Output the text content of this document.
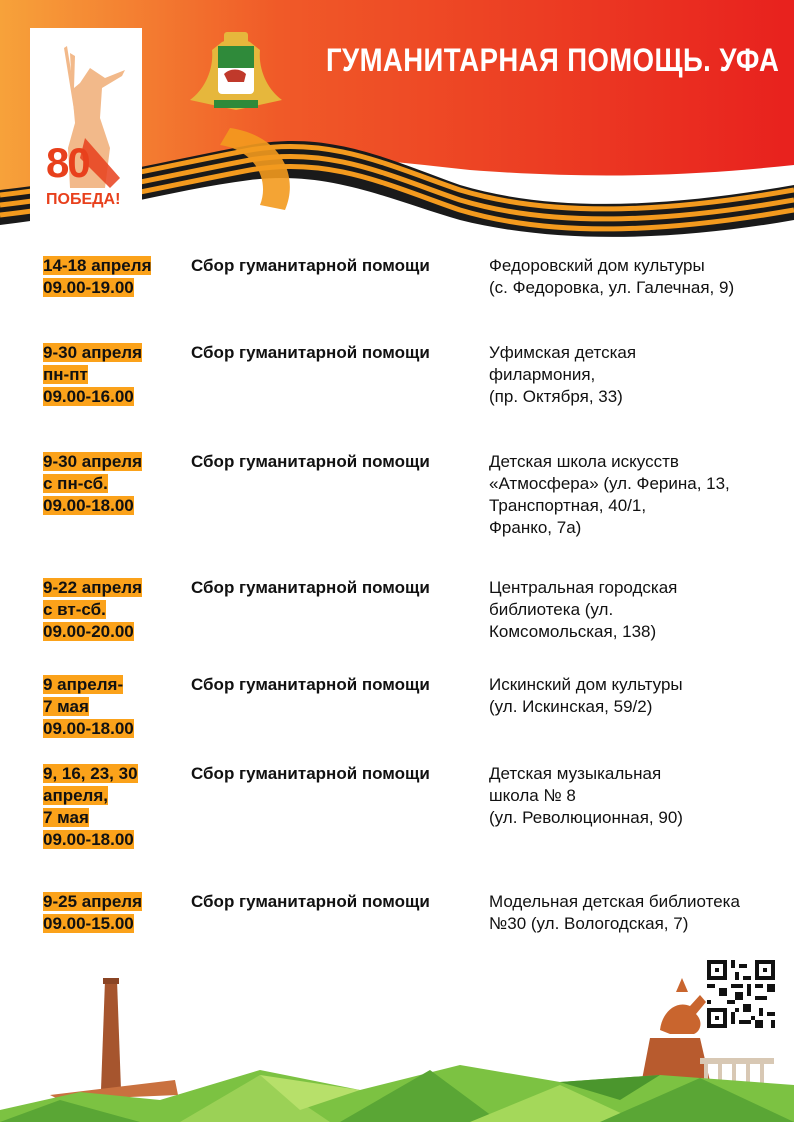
80
ПОБЕДА!
ГУМАНИТАРНАЯ ПОМОЩЬ. УФА
14-18 апреля
09.00-19.00
Сбор гуманитарной помощи	Федоровский дом культуры
(с. Федоровка, ул. Галечная, 9)
9-30 апреля
пн-пт
09.00-16.00
Сбор гуманитарной помощи	Уфимская детская
филармония,
(пр. Октября, 33)
9-30 апреля
с пн-сб.
09.00-18.00
Сбор гуманитарной помощи	Детская школа искусств
«Атмосфера» (ул. Ферина, 13,
Транспортная, 40/1,
Франко, 7а)
9-22 апреля
с вт-сб.
09.00-20.00
Сбор гуманитарной помощи	Центральная городская
библиотека (ул.
Комсомольская, 138)
9 апреля-
7 мая
09.00-18.00
Сбор гуманитарной помощи	Искинский дом культуры
(ул. Искинская, 59/2)
9, 16, 23, 30
апреля,
7 мая
09.00-18.00
Сбор гуманитарной помощи	Детская музыкальная
школа № 8
(ул. Революционная, 90)
9-25 апреля
09.00-15.00
Сбор гуманитарной помощи	Модельная детская библиотека
№30 (ул. Вологодская, 7)
